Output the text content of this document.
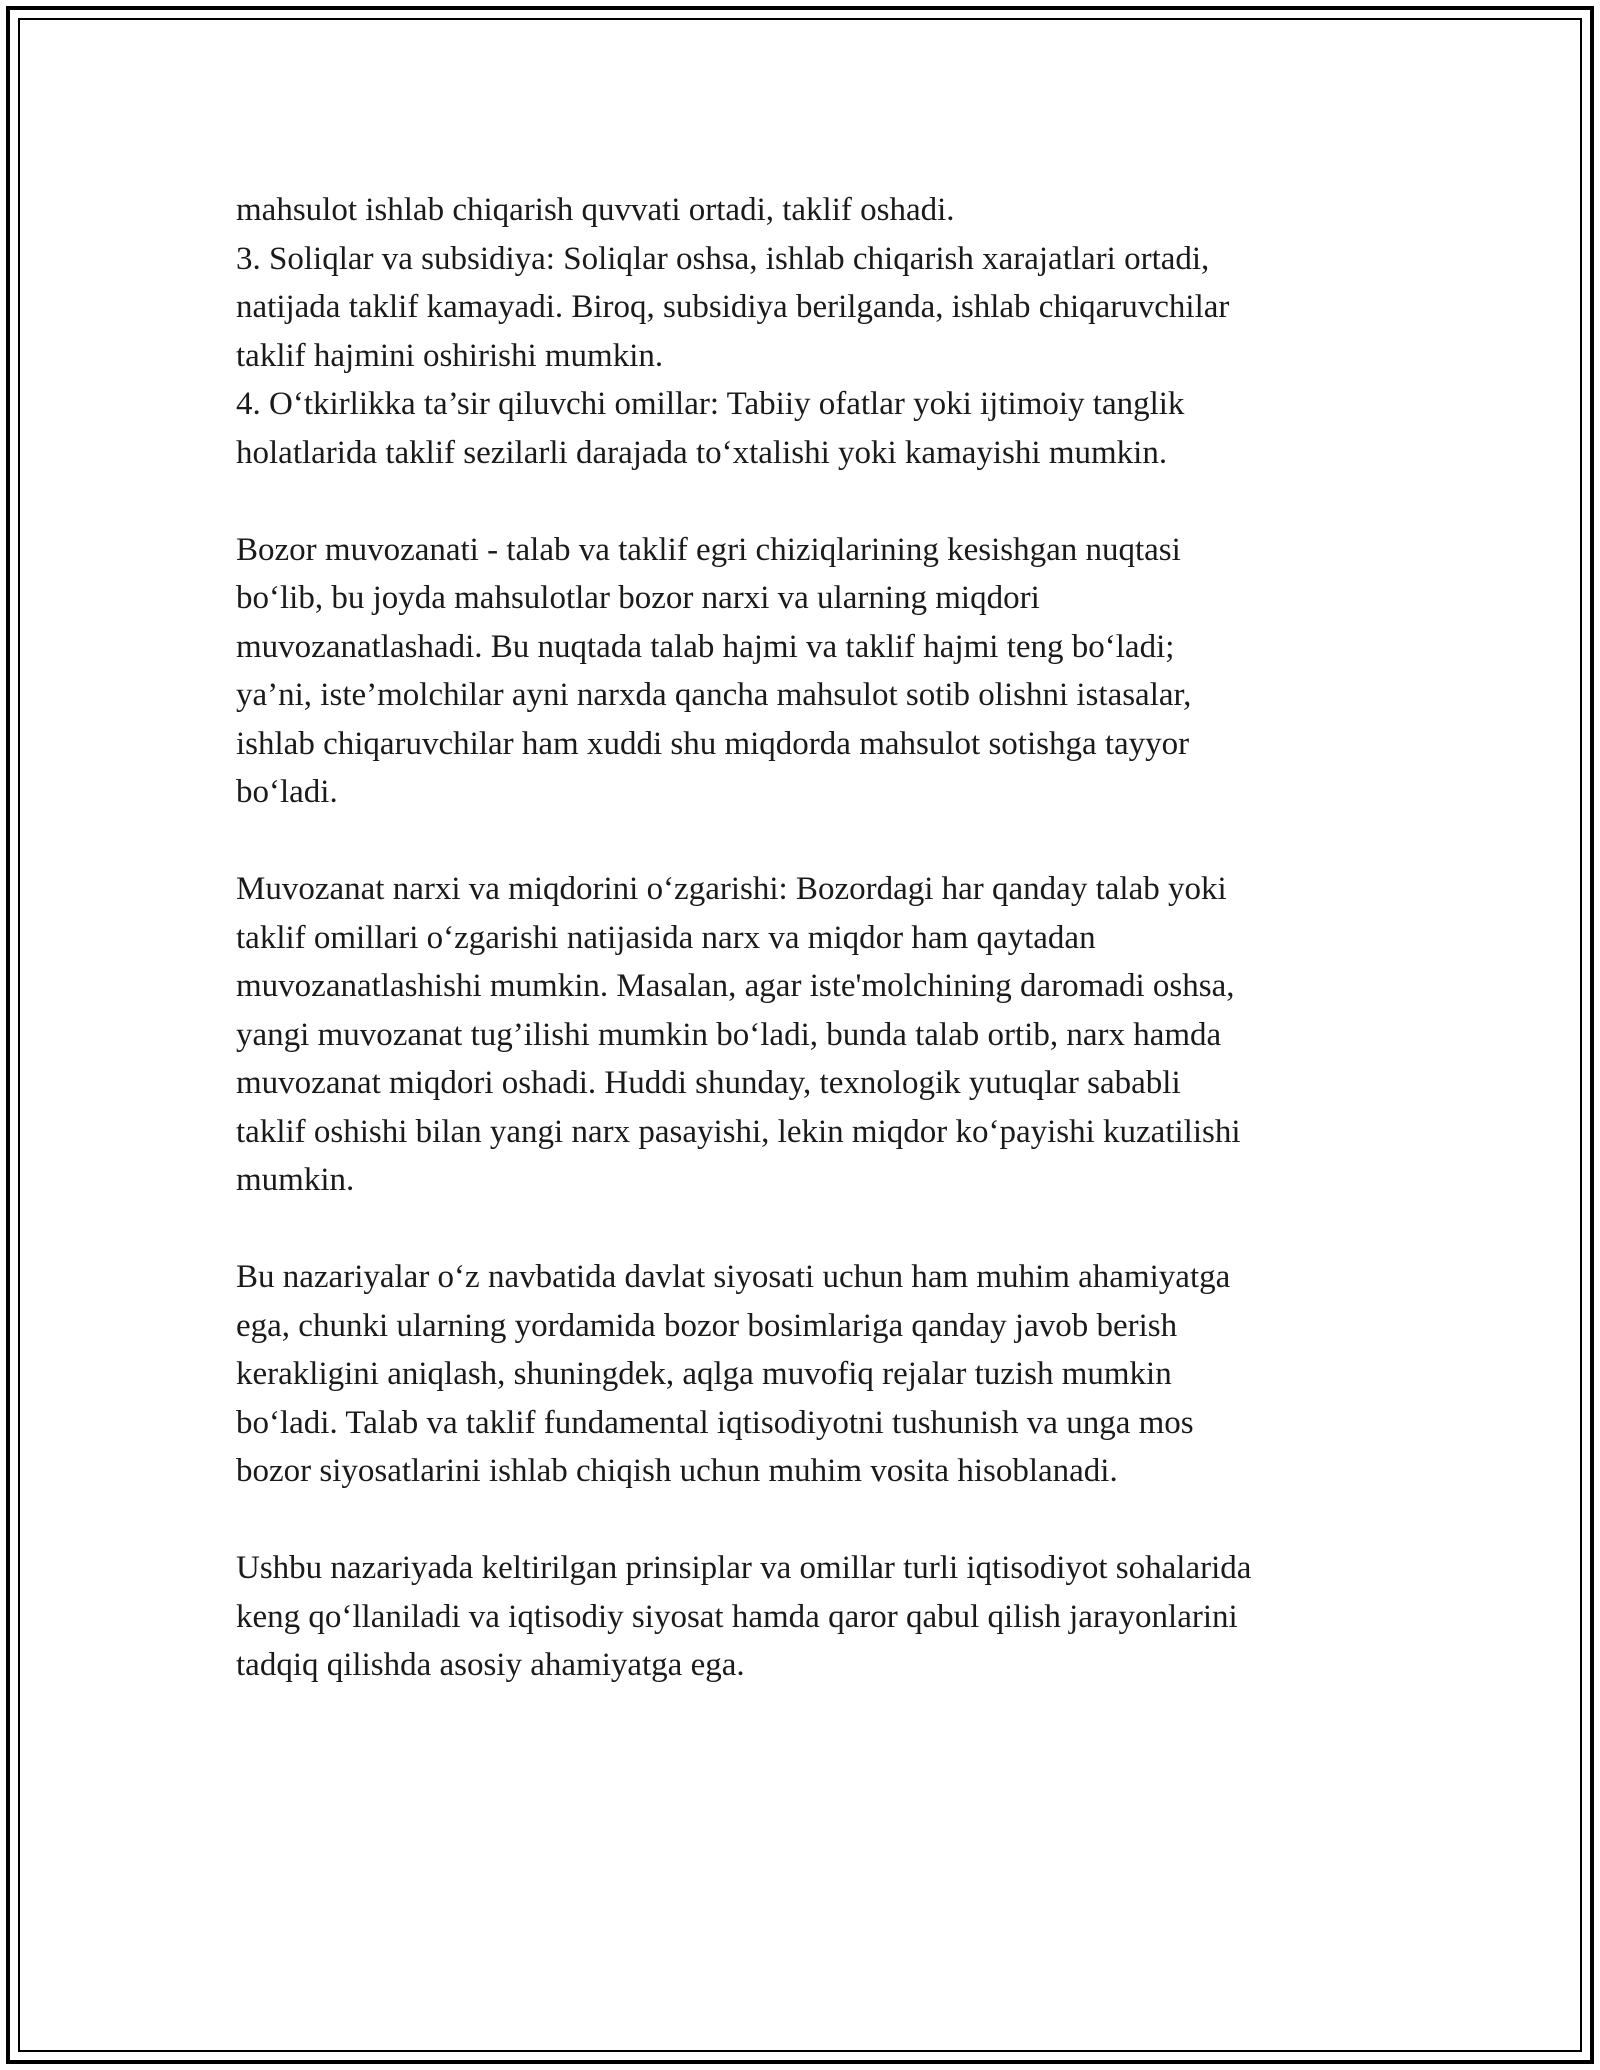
mahsulot ishlab chiqarish quvvati ortadi, taklif oshadi.
3. Soliqlar va subsidiya: Soliqlar oshsa, ishlab chiqarish xarajatlari ortadi,
natijada taklif kamayadi. Biroq, subsidiya berilganda, ishlab chiqaruvchilar
taklif hajmini oshirishi mumkin.
4. O‘tkirlikka ta’sir qiluvchi omillar: Tabiiy ofatlar yoki ijtimoiy tanglik
holatlarida taklif sezilarli darajada to‘xtalishi yoki kamayishi mumkin.
Bozor muvozanati - talab va taklif egri chiziqlarining kesishgan nuqtasi
bo‘lib, bu joyda mahsulotlar bozor narxi va ularning miqdori
muvozanatlashadi. Bu nuqtada talab hajmi va taklif hajmi teng bo‘ladi;
ya’ni, iste’molchilar ayni narxda qancha mahsulot sotib olishni istasalar,
ishlab chiqaruvchilar ham xuddi shu miqdorda mahsulot sotishga tayyor
bo‘ladi.
Muvozanat narxi va miqdorini o‘zgarishi: Bozordagi har qanday talab yoki
taklif omillari o‘zgarishi natijasida narx va miqdor ham qaytadan
muvozanatlashishi mumkin. Masalan, agar iste'molchining daromadi oshsa,
yangi muvozanat tug’ilishi mumkin bo‘ladi, bunda talab ortib, narx hamda
muvozanat miqdori oshadi. Huddi shunday, texnologik yutuqlar sababli
taklif oshishi bilan yangi narx pasayishi, lekin miqdor ko‘payishi kuzatilishi
mumkin.
Bu nazariyalar o‘z navbatida davlat siyosati uchun ham muhim ahamiyatga
ega, chunki ularning yordamida bozor bosimlariga qanday javob berish
kerakligini aniqlash, shuningdek, aqlga muvofiq rejalar tuzish mumkin
bo‘ladi. Talab va taklif fundamental iqtisodiyotni tushunish va unga mos
bozor siyosatlarini ishlab chiqish uchun muhim vosita hisoblanadi.
Ushbu nazariyada keltirilgan prinsiplar va omillar turli iqtisodiyot sohalarida
keng qo‘llaniladi va iqtisodiy siyosat hamda qaror qabul qilish jarayonlarini
tadqiq qilishda asosiy ahamiyatga ega.
